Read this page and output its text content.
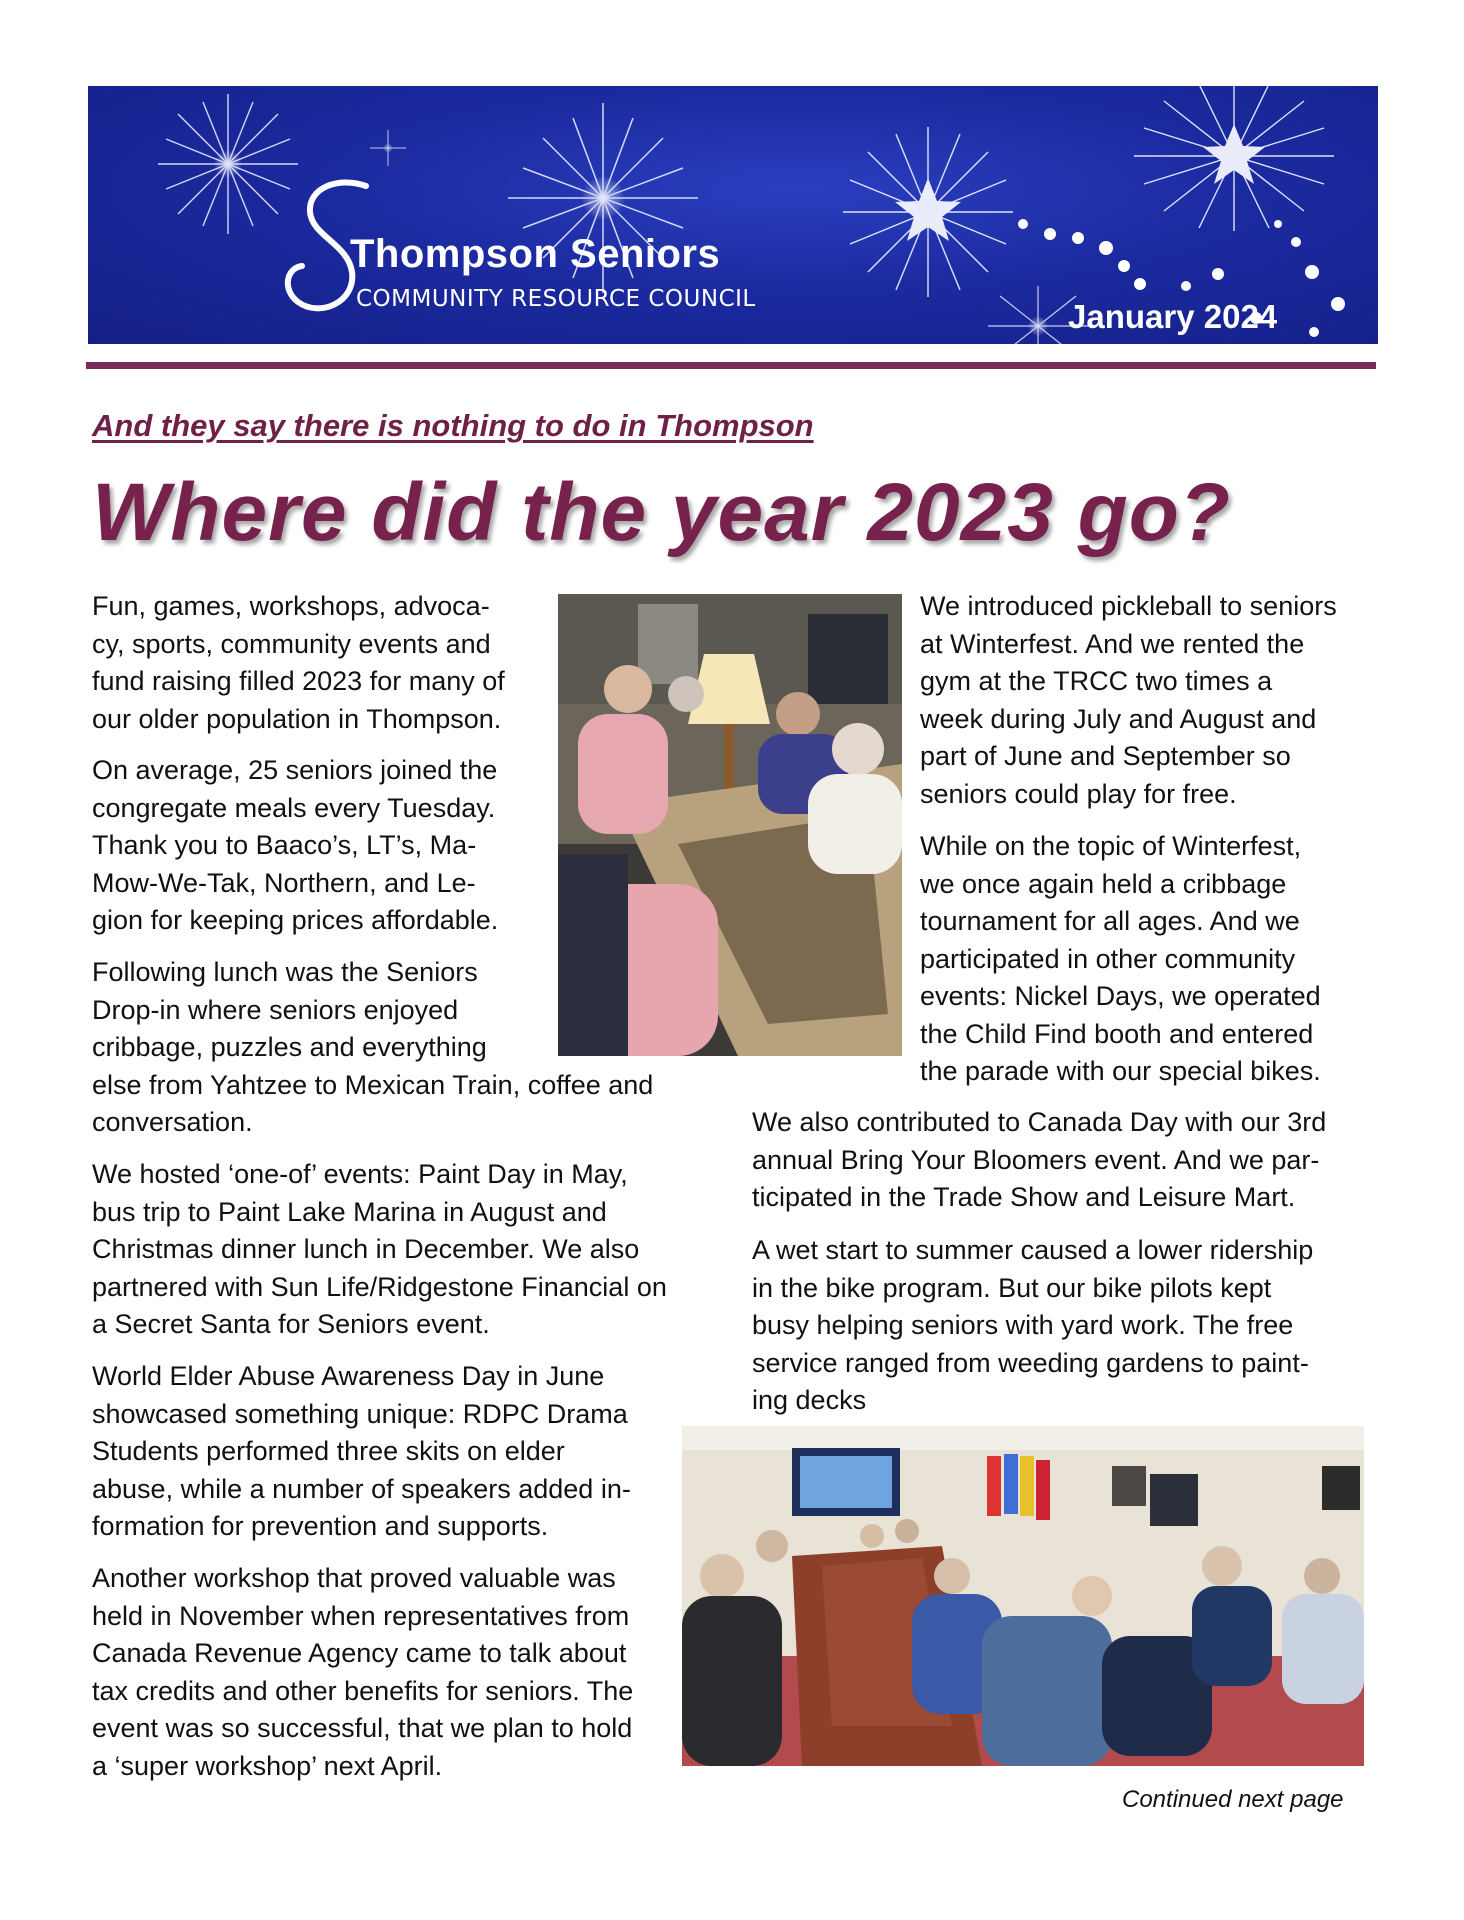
Thompson Seniors
COMMUNITY RESOURCE COUNCIL	January 2024
And they say there is nothing to do in Thompson
Where did the year 2023 go?
Fun, games, workshops, advoca-
cy, sports, community events and
fund raising filled 2023 for many of
our older population in Thompson.
On average, 25 seniors joined the
congregate meals every Tuesday.
Thank you to Baaco’s, LT’s, Ma-
Mow-We-Tak, Northern, and Le-
gion for keeping prices affordable.
Following lunch was the Seniors
Drop-in where seniors enjoyed
cribbage, puzzles and everything
else from Yahtzee to Mexican Train, coffee and
conversation.
We hosted ‘one-of’ events: Paint Day in May,
bus trip to Paint Lake Marina in August and
Christmas dinner lunch in December. We also
partnered with Sun Life/Ridgestone Financial on
a Secret Santa for Seniors event.
World Elder Abuse Awareness Day in June
showcased something unique: RDPC Drama
Students performed three skits on elder
abuse, while a number of speakers added in-
formation for prevention and supports.
Another workshop that proved valuable was
held in November when representatives from
Canada Revenue Agency came to talk about
tax credits and other benefits for seniors. The
event was so successful, that we plan to hold
a ‘super workshop’ next April.
We introduced pickleball to seniors
at Winterfest. And we rented the
gym at the TRCC two times a
week during July and August and
part of June and September so
seniors could play for free.
While on the topic of Winterfest,
we once again held a cribbage
tournament for all ages. And we
participated in other community
events: Nickel Days, we operated
the Child Find booth and entered
the parade with our special bikes.
We also contributed to Canada Day with our 3rd
annual Bring Your Bloomers event. And we par-
ticipated in the Trade Show and Leisure Mart.
A wet start to summer caused a lower ridership
in the bike program. But our bike pilots kept
busy helping seniors with yard work. The free
service ranged from weeding gardens to paint-
ing decks
Continued next page
